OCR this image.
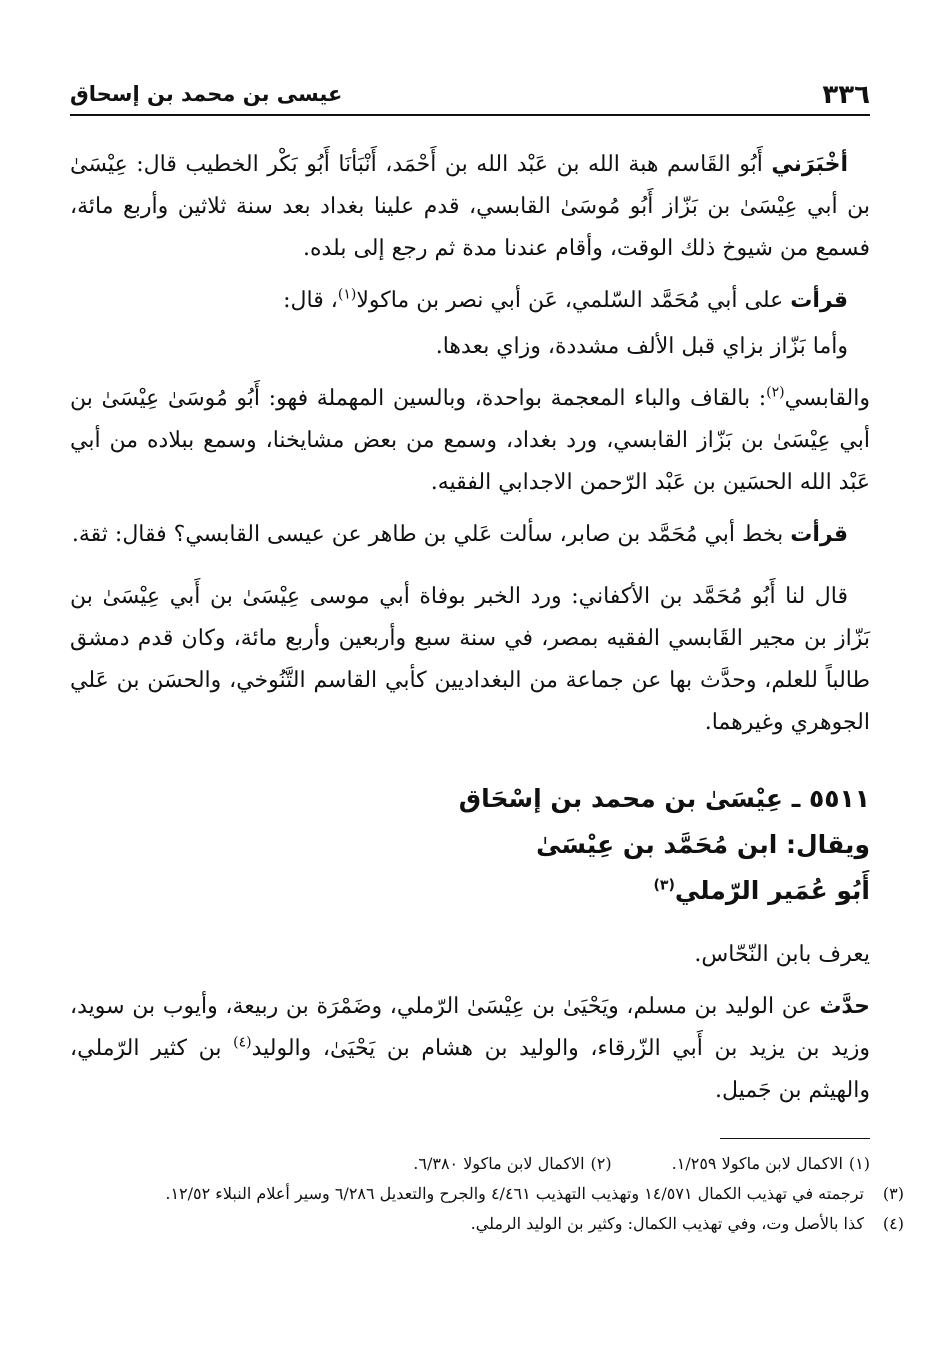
٣٣٦
عيسى بن محمد بن إسحاق

أخْبَرَني أَبُو القَاسم هبة الله بن عَبْد الله بن أَحْمَد، أَنْبَأنَا أَبُو بَكْر الخطيب قال: عِيْسَىٰ بن أبي عِيْسَىٰ بن بَزّاز أَبُو مُوسَىٰ القابسي، قدم علينا بغداد بعد سنة ثلاثين وأربع مائة، فسمع من شيوخ ذلك الوقت، وأقام عندنا مدة ثم رجع إلى بلده.

قرأت على أبي مُحَمَّد السّلمي، عَن أبي نصر بن ماكولا$^{(١)}$، قال:

وأما بَزّاز بزاي قبل الألف مشددة، وزاي بعدها.

والقابسي$^{(٢)}$: بالقاف والباء المعجمة بواحدة، وبالسين المهملة فهو: أَبُو مُوسَىٰ عِيْسَىٰ بن أبي عِيْسَىٰ بن بَزّاز القابسي، ورد بغداد، وسمع من بعض مشايخنا، وسمع ببلاده من أبي عَبْد الله الحسَين بن عَبْد الرّحمن الاجدابي الفقيه.

قرأت بخط أبي مُحَمَّد بن صابر، سألت عَلي بن طاهر عن عيسى القابسي؟ فقال: ثقة.

قال لنا أَبُو مُحَمَّد بن الأكفاني: ورد الخبر بوفاة أبي موسى عِيْسَىٰ بن أَبي عِيْسَىٰ بن بَزّاز بن مجير القَابسي الفقيه بمصر، في سنة سبع وأربعين وأربع مائة، وكان قدم دمشق طالباً للعلم، وحدَّث بها عن جماعة من البغداديين كأبي القاسم التَّنُوخي، والحسَن بن عَلي الجوهري وغيرهما.

٥٥١١ ـ عِيْسَىٰ بن محمد بن إسْحَاق
ويقال: ابن مُحَمَّد بن عِيْسَىٰ
أَبُو عُمَير الرّملي$^{(٣)}$

يعرف بابن النّحّاس.

حدَّث عن الوليد بن مسلم، ويَحْيَىٰ بن عِيْسَىٰ الرّملي، وضَمْرَة بن ربيعة، وأيوب بن سويد، وزيد بن يزيد بن أَبي الزّرقاء، والوليد بن هشام بن يَحْيَىٰ، والوليد$^{(٤)}$ بن كثير الرّملي، والهيثم بن جَميل.

(١)الاكمال لابن ماكولا ١/٢٥٩.
(٢)الاكمال لابن ماكولا ٦/٣٨٠.
(٣)ترجمته في تهذيب الكمال ١٤/٥٧١ وتهذيب التهذيب ٤/٤٦١ والجرح والتعديل ٦/٢٨٦ وسير أعلام النبلاء ١٢/٥٢.
(٤)كذا بالأصل وت، وفي تهذيب الكمال: وكثير بن الوليد الرملي.
